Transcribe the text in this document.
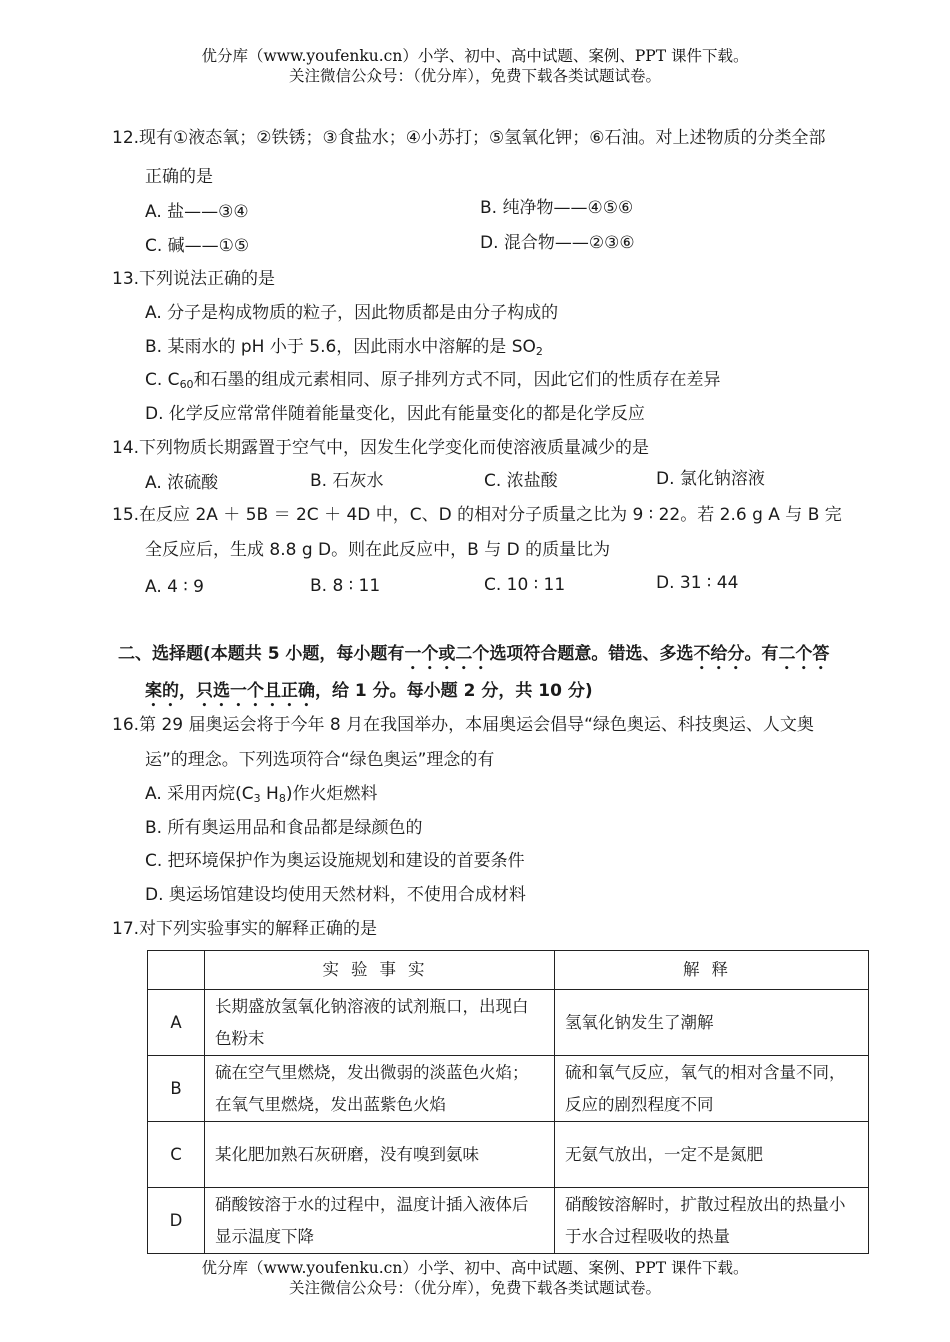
优分库（www.youfenku.cn）小学、初中、高中试题、案例、PPT 课件下载。
关注微信公众号：（优分库），免费下载各类试题试卷。
12.现有①液态氧；②铁锈；③食盐水；④小苏打；⑤氢氧化钾；⑥石油。对上述物质的分类全部
正确的是
A. 盐——③④	B. 纯净物——④⑤⑥
C. 碱——①⑤	D. 混合物——②③⑥
13.下列说法正确的是
A. 分子是构成物质的粒子，因此物质都是由分子构成的
B. 某雨水的 pH 小于 5.6，因此雨水中溶解的是 $SO_2$
C. $C_{60}$和石墨的组成元素相同、原子排列方式不同，因此它们的性质存在差异
D. 化学反应常常伴随着能量变化，因此有能量变化的都是化学反应
14.下列物质长期露置于空气中，因发生化学变化而使溶液质量减少的是
A. 浓硫酸	B. 石灰水	C. 浓盐酸	D. 氯化钠溶液
15.在反应 2A ＋ 5B ＝ 2C ＋ 4D 中，C、D 的相对分子质量之比为 9 ∶ 22。若 2.6 g A 与 B 完
全反应后，生成 8.8 g D。则在此反应中，B 与 D 的质量比为
A. 4 ∶ 9	B. 8 ∶ 11	C. 10 ∶ 11	D. 31 ∶ 44
二、选择题(本题共 5 小题，每小题有一个或二个选项符合题意。错选、多选不给分。有二个答
案的，只选一个且正确，给 1 分。每小题 2 分，共 10 分)
16.第 29 届奥运会将于今年 8 月在我国举办，本届奥运会倡导“绿色奥运、科技奥运、人文奥
运”的理念。下列选项符合“绿色奥运”理念的有
A. 采用丙烷($C_3$ $H_8$)作火炬燃料
B. 所有奥运用品和食品都是绿颜色的
C. 把环境保护作为奥运设施规划和建设的首要条件
D. 奥运场馆建设均使用天然材料，不使用合成材料
17.对下列实验事实的解释正确的是
	实验事实	解释
A	长期盛放氢氧化钠溶液的试剂瓶口，出现白色粉末	氢氧化钠发生了潮解
B	硫在空气里燃烧，发出微弱的淡蓝色火焰；在氧气里燃烧，发出蓝紫色火焰	硫和氧气反应，氧气的相对含量不同，反应的剧烈程度不同
C	某化肥加熟石灰研磨，没有嗅到氨味	无氨气放出，一定不是氮肥
D	硝酸铵溶于水的过程中，温度计插入液体后显示温度下降	硝酸铵溶解时，扩散过程放出的热量小于水合过程吸收的热量
优分库（www.youfenku.cn）小学、初中、高中试题、案例、PPT 课件下载。
关注微信公众号：（优分库），免费下载各类试题试卷。
